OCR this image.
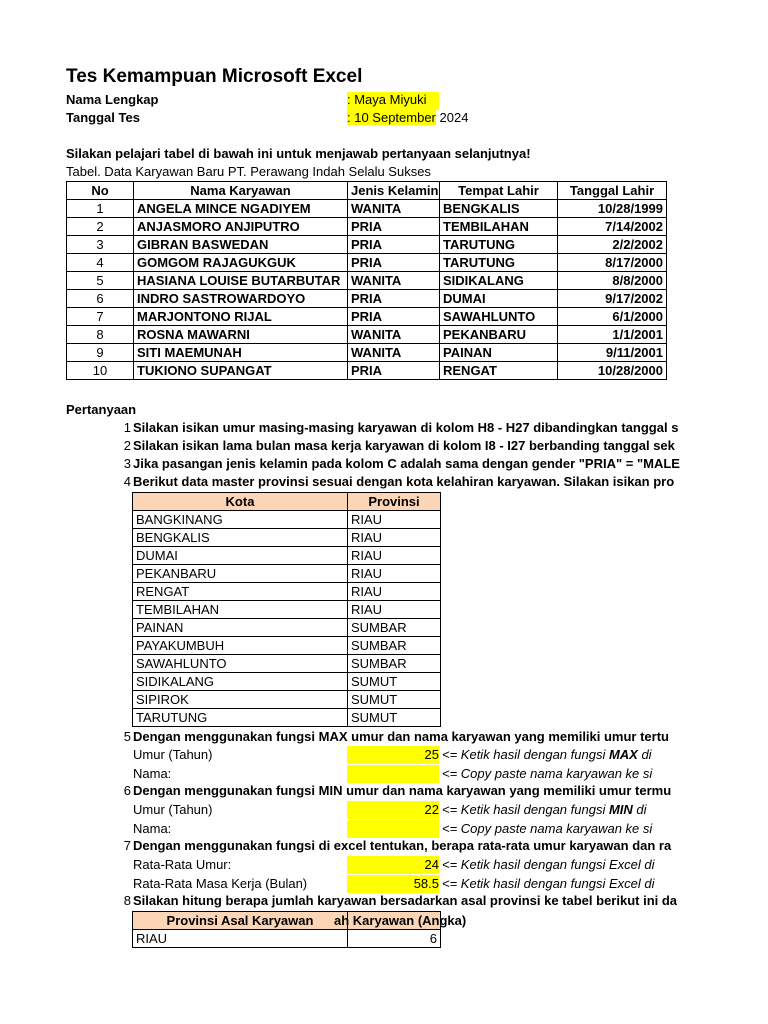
Tes Kemampuan Microsoft Excel
Nama Lengkap	: Maya Miyuki
Tanggal Tes	: 10 September 2024
Silakan pelajari tabel di bawah ini untuk menjawab pertanyaan selanjutnya!
Tabel. Data Karyawan Baru PT. Perawang Indah Selalu Sukses
No	Nama Karyawan	Jenis Kelamin	Tempat Lahir	Tanggal Lahir
1	ANGELA MINCE NGADIYEM	WANITA	BENGKALIS	10/28/1999
2	ANJASMORO ANJIPUTRO	PRIA	TEMBILAHAN	7/14/2002
3	GIBRAN BASWEDAN	PRIA	TARUTUNG	2/2/2002
4	GOMGOM RAJAGUKGUK	PRIA	TARUTUNG	8/17/2000
5	HASIANA LOUISE BUTARBUTAR	WANITA	SIDIKALANG	8/8/2000
6	INDRO SASTROWARDOYO	PRIA	DUMAI	9/17/2002
7	MARJONTONO RIJAL	PRIA	SAWAHLUNTO	6/1/2000
8	ROSNA MAWARNI	WANITA	PEKANBARU	1/1/2001
9	SITI MAEMUNAH	WANITA	PAINAN	9/11/2001
10	TUKIONO SUPANGAT	PRIA	RENGAT	10/28/2000
Pertanyaan
1 Silakan isikan umur masing-masing karyawan di kolom H8 - H27 dibandingkan tanggal s
2 Silakan isikan lama bulan masa kerja karyawan di kolom I8 - I27 berbanding tanggal sek
3 Jika pasangan jenis kelamin pada kolom C adalah sama dengan gender "PRIA" = "MALE
4 Berikut data master provinsi sesuai dengan kota kelahiran karyawan. Silakan isikan pro
Kota	Provinsi
BANGKINANG	RIAU
BENGKALIS	RIAU
DUMAI	RIAU
PEKANBARU	RIAU
RENGAT	RIAU
TEMBILAHAN	RIAU
PAINAN	SUMBAR
PAYAKUMBUH	SUMBAR
SAWAHLUNTO	SUMBAR
SIDIKALANG	SUMUT
SIPIROK	SUMUT
TARUTUNG	SUMUT
5 Dengan menggunakan fungsi MAX umur dan nama karyawan yang memiliki umur tertu
Umur (Tahun)	25 <= Ketik hasil dengan fungsi MAX di
Nama:	<= Copy paste nama karyawan ke si
6 Dengan menggunakan fungsi MIN umur dan nama karyawan yang memiliki umur termu
Umur (Tahun)	22 <= Ketik hasil dengan fungsi MIN di
Nama:	<= Copy paste nama karyawan ke si
7 Dengan menggunakan fungsi di excel tentukan, berapa rata-rata umur karyawan dan ra
Rata-Rata Umur:	24 <= Ketik hasil dengan fungsi Excel di
Rata-Rata Masa Kerja (Bulan)	58.5 <= Ketik hasil dengan fungsi Excel di
8 Silakan hitung berapa jumlah karyawan bersadarkan asal provinsi ke tabel berikut ini da
Provinsi Asal Karyawan	ah Karyawan (Angka)
RIAU	6
